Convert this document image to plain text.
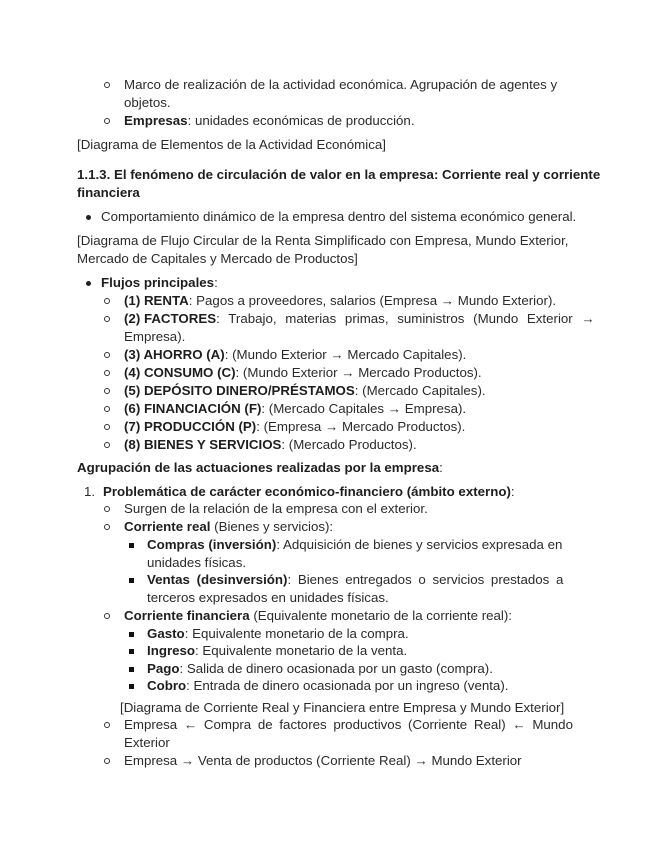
Marco de realización de la actividad económica. Agrupación de agentes y
objetos.
Empresas: unidades económicas de producción.
[Diagrama de Elementos de la Actividad Económica]
1.1.3. El fenómeno de circulación de valor en la empresa: Corriente real y corriente
financiera
Comportamiento dinámico de la empresa dentro del sistema económico general.
[Diagrama de Flujo Circular de la Renta Simplificado con Empresa, Mundo Exterior,
Mercado de Capitales y Mercado de Productos]
Flujos principales:
(1) RENTA: Pagos a proveedores, salarios (Empresa → Mundo Exterior).
(2) FACTORES: Trabajo, materias primas, suministros (Mundo Exterior →
Empresa).
(3) AHORRO (A): (Mundo Exterior → Mercado Capitales).
(4) CONSUMO (C): (Mundo Exterior → Mercado Productos).
(5) DEPÓSITO DINERO/PRÉSTAMOS: (Mercado Capitales).
(6) FINANCIACIÓN (F): (Mercado Capitales → Empresa).
(7) PRODUCCIÓN (P): (Empresa → Mercado Productos).
(8) BIENES Y SERVICIOS: (Mercado Productos).
Agrupación de las actuaciones realizadas por la empresa:
1. Problemática de carácter económico-financiero (ámbito externo):
Surgen de la relación de la empresa con el exterior.
Corriente real (Bienes y servicios):
Compras (inversión): Adquisición de bienes y servicios expresada en
unidades físicas.
Ventas (desinversión): Bienes entregados o servicios prestados a
terceros expresados en unidades físicas.
Corriente financiera (Equivalente monetario de la corriente real):
Gasto: Equivalente monetario de la compra.
Ingreso: Equivalente monetario de la venta.
Pago: Salida de dinero ocasionada por un gasto (compra).
Cobro: Entrada de dinero ocasionada por un ingreso (venta).
[Diagrama de Corriente Real y Financiera entre Empresa y Mundo Exterior]
Empresa ← Compra de factores productivos (Corriente Real) ← Mundo
Exterior
Empresa → Venta de productos (Corriente Real) → Mundo Exterior
